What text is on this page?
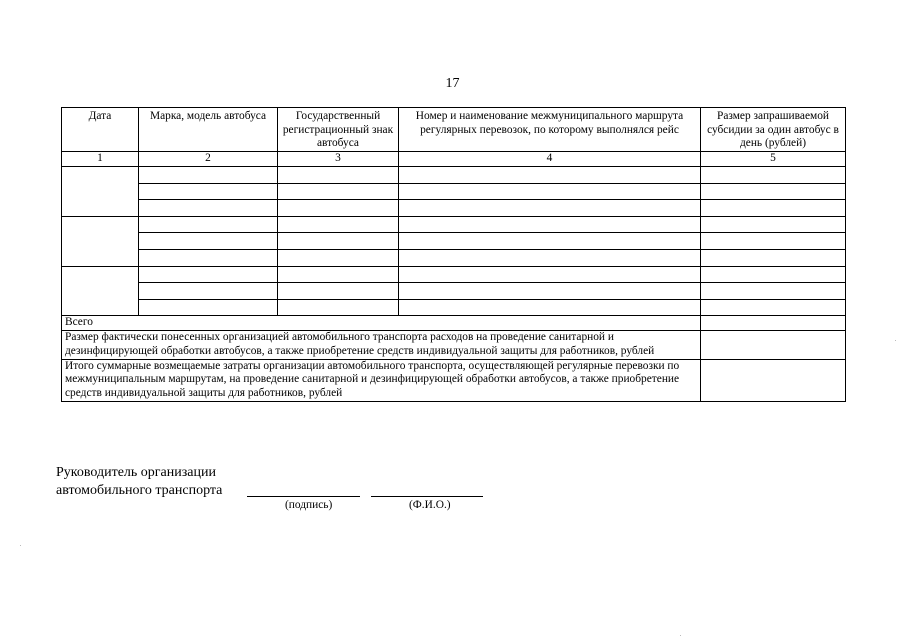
17
Дата	Марка, модель автобуса	Государственный регистрационный знак автобуса	Номер и наименование межмуниципального маршрута регулярных перевозок, по которому выполнялся рейс	Размер запрашиваемой субсидии за один автобус в день (рублей)
1	2	3	4	5

Всего				
Размер фактически понесенных организацией автомобильного транспорта расходов на проведение санитарной и дезинфицирующей обработки автобусов, а также приобретение средств индивидуальной защиты для работников, рублей				
Итого суммарные возмещаемые затраты организации автомобильного транспорта, осуществляющей регулярные перевозки по межмуниципальным маршрутам, на проведение санитарной и дезинфицирующей обработки автобусов, а также приобретение средств индивидуальной защиты для работников, рублей				
Руководитель организации
автомобильного транспорта
(подпись)	(Ф.И.О.)
